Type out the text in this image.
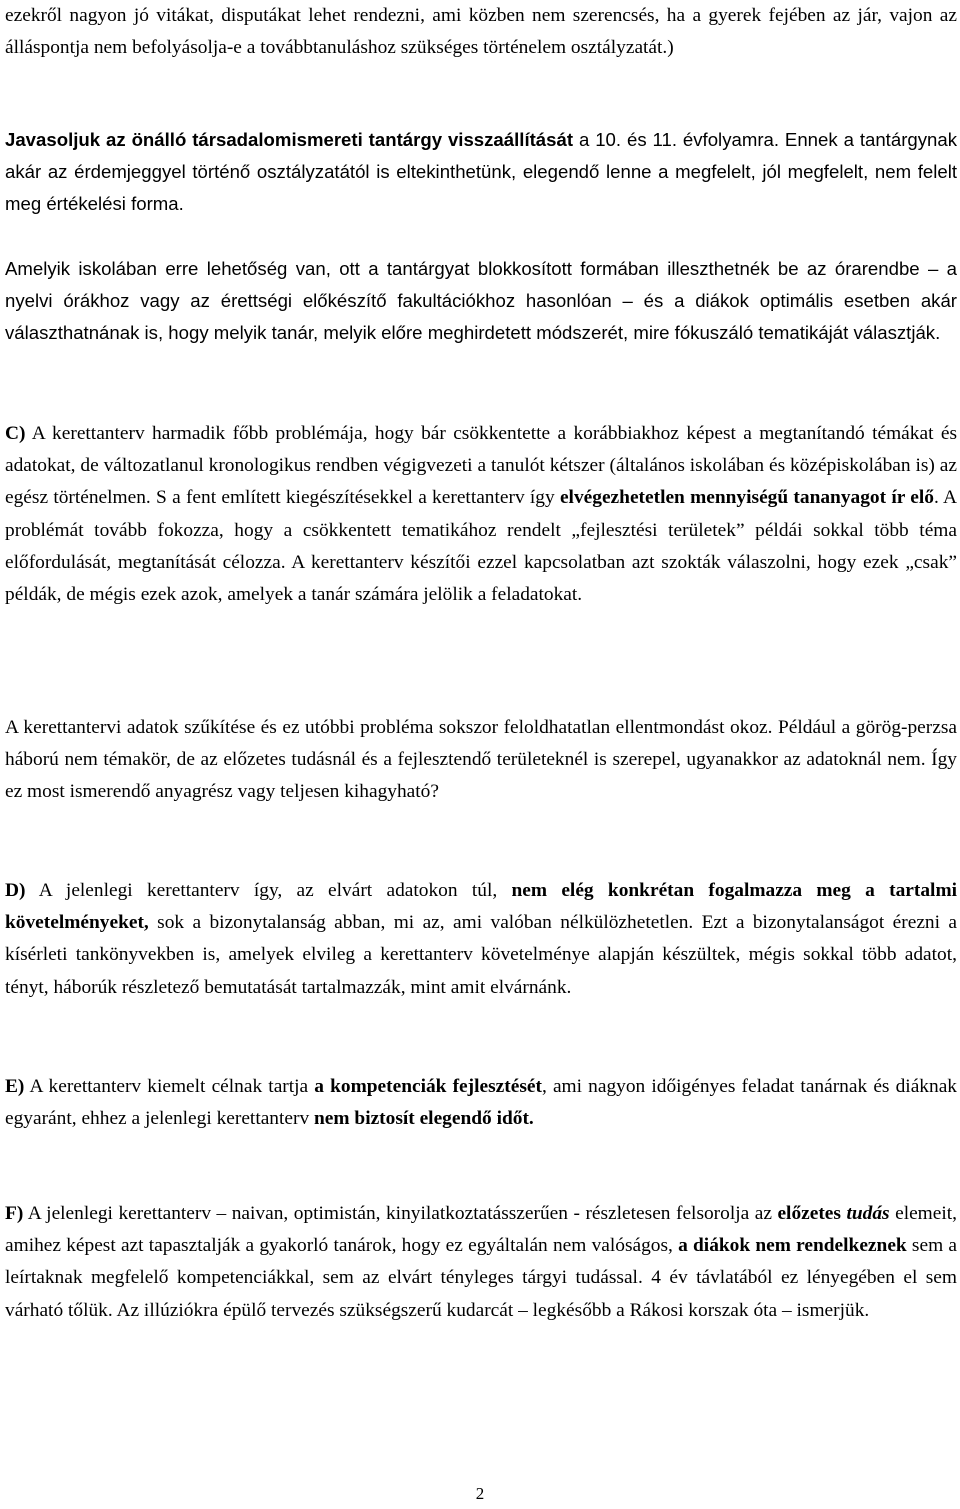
ezekről nagyon jó vitákat, disputákat lehet rendezni, ami közben nem szerencsés, ha a gyerek fejében az jár, vajon az álláspontja nem befolyásolja-e a továbbtanuláshoz szükséges történelem osztályzatát.)

Javasoljuk az önálló társadalomismereti tantárgy visszaállítását a 10. és 11. évfolyamra. Ennek a tantárgynak akár az érdemjeggyel történő osztályzatától is eltekinthetünk, elegendő lenne a megfelelt, jól megfelelt, nem felelt meg értékelési forma.

Amelyik iskolában erre lehetőség van, ott a tantárgyat blokkosított formában illeszthetnék be az órarendbe – a nyelvi órákhoz vagy az érettségi előkészítő fakultációkhoz hasonlóan – és a diákok optimális esetben akár választhatnának is, hogy melyik tanár, melyik előre meghirdetett módszerét, mire fókuszáló tematikáját választják.

C) A kerettanterv harmadik főbb problémája, hogy bár csökkentette a korábbiakhoz képest a megtanítandó témákat és adatokat, de változatlanul kronologikus rendben végigvezeti a tanulót kétszer (általános iskolában és középiskolában is) az egész történelmen. S a fent említett kiegészítésekkel a kerettanterv így elvégezhetetlen mennyiségű tananyagot ír elő. A problémát tovább fokozza, hogy a csökkentett tematikához rendelt „fejlesztési területek” példái sokkal több téma előfordulását, megtanítását célozza. A kerettanterv készítői ezzel kapcsolatban azt szokták válaszolni, hogy ezek „csak” példák, de mégis ezek azok, amelyek a tanár számára jelölik a feladatokat.

A kerettantervi adatok szűkítése és ez utóbbi probléma sokszor feloldhatatlan ellentmondást okoz. Például a görög-perzsa háború nem témakör, de az előzetes tudásnál és a fejlesztendő területeknél is szerepel, ugyanakkor az adatoknál nem. Így ez most ismerendő anyagrész vagy teljesen kihagyható?

D) A jelenlegi kerettanterv így, az elvárt adatokon túl, nem elég konkrétan fogalmazza meg a tartalmi követelményeket, sok a bizonytalanság abban, mi az, ami valóban nélkülözhetetlen. Ezt a bizonytalanságot érezni a kísérleti tankönyvekben is, amelyek elvileg a kerettanterv követelménye alapján készültek, mégis sokkal több adatot, tényt, háborúk részletező bemutatását tartalmazzák, mint amit elvárnánk.

E) A kerettanterv kiemelt célnak tartja a kompetenciák fejlesztését, ami nagyon időigényes feladat tanárnak és diáknak egyaránt, ehhez a jelenlegi kerettanterv nem biztosít elegendő időt.

F) A jelenlegi kerettanterv – naivan, optimistán, kinyilatkoztatásszerűen - részletesen felsorolja az előzetes tudás elemeit, amihez képest azt tapasztalják a gyakorló tanárok, hogy ez egyáltalán nem valóságos, a diákok nem rendelkeznek sem a leírtaknak megfelelő kompetenciákkal, sem az elvárt tényleges tárgyi tudással. 4 év távlatából ez lényegében el sem várható tőlük. Az illúziókra épülő tervezés szükségszerű kudarcát – legkésőbb a Rákosi korszak óta – ismerjük.

2
